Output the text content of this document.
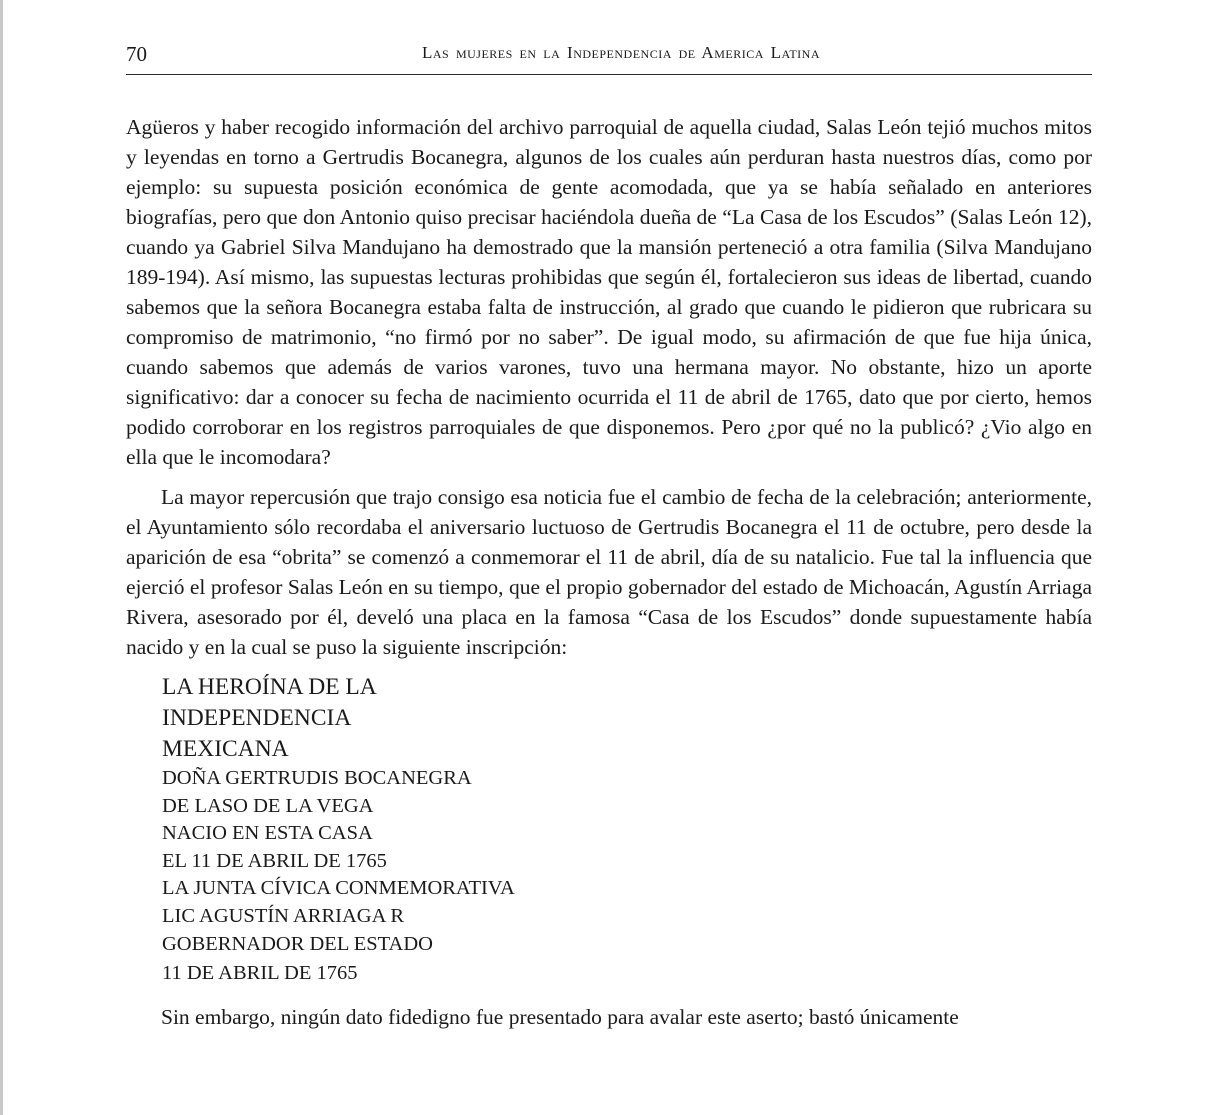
70	Las mujeres en la Independencia de America Latina

Agüeros y haber recogido información del archivo parroquial de aquella ciudad, Salas León tejió muchos mitos y leyendas en torno a Gertrudis Bocanegra, algunos de los cuales aún perduran hasta nuestros días, como por ejemplo: su supuesta posición económica de gente acomodada, que ya se había señalado en anteriores biografías, pero que don Antonio quiso precisar haciéndola dueña de “La Casa de los Escudos” (Salas León 12), cuando ya Gabriel Silva Mandujano ha demostrado que la mansión perteneció a otra familia (Silva Mandujano 189-194). Así mismo, las supuestas lecturas prohibidas que según él, fortalecieron sus ideas de libertad, cuando sabemos que la señora Bocanegra estaba falta de instrucción, al grado que cuando le pidieron que rubricara su compromiso de matrimonio, “no firmó por no saber”. De igual modo, su afirmación de que fue hija única, cuando sabemos que además de varios varones, tuvo una hermana mayor. No obstante, hizo un aporte significativo: dar a conocer su fecha de nacimiento ocurrida el 11 de abril de 1765, dato que por cierto, hemos podido corroborar en los registros parroquiales de que disponemos. Pero ¿por qué no la publicó? ¿Vio algo en ella que le incomodara?

La mayor repercusión que trajo consigo esa noticia fue el cambio de fecha de la celebración; anteriormente, el Ayuntamiento sólo recordaba el aniversario luctuoso de Gertrudis Bocanegra el 11 de octubre, pero desde la aparición de esa “obrita” se comenzó a conmemorar el 11 de abril, día de su natalicio. Fue tal la influencia que ejerció el profesor Salas León en su tiempo, que el propio gobernador del estado de Michoacán, Agustín Arriaga Rivera, asesorado por él, develó una placa en la famosa “Casa de los Escudos” donde supuestamente había nacido y en la cual se puso la siguiente inscripción:

LA HEROÍNA DE LA
INDEPENDENCIA
MEXICANA
DOÑA GERTRUDIS BOCANEGRA
DE LASO DE LA VEGA
NACIO EN ESTA CASA
EL 11 DE ABRIL DE 1765
LA JUNTA CÍVICA CONMEMORATIVA
LIC AGUSTÍN ARRIAGA R
GOBERNADOR DEL ESTADO
11 DE ABRIL DE 1765

Sin embargo, ningún dato fidedigno fue presentado para avalar este aserto; bastó únicamente
